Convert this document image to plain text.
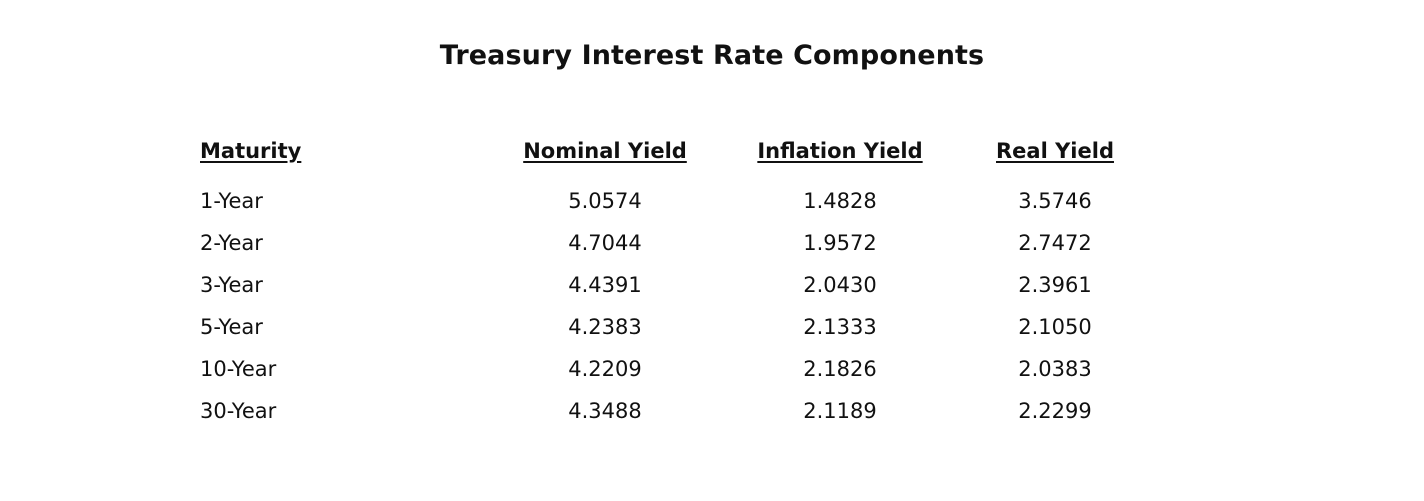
Treasury Interest Rate Components
Maturity	Nominal Yield	Inflation Yield	Real Yield
1-Year	5.0574	1.4828	3.5746
2-Year	4.7044	1.9572	2.7472
3-Year	4.4391	2.0430	2.3961
5-Year	4.2383	2.1333	2.1050
10-Year	4.2209	2.1826	2.0383
30-Year	4.3488	2.1189	2.2299
